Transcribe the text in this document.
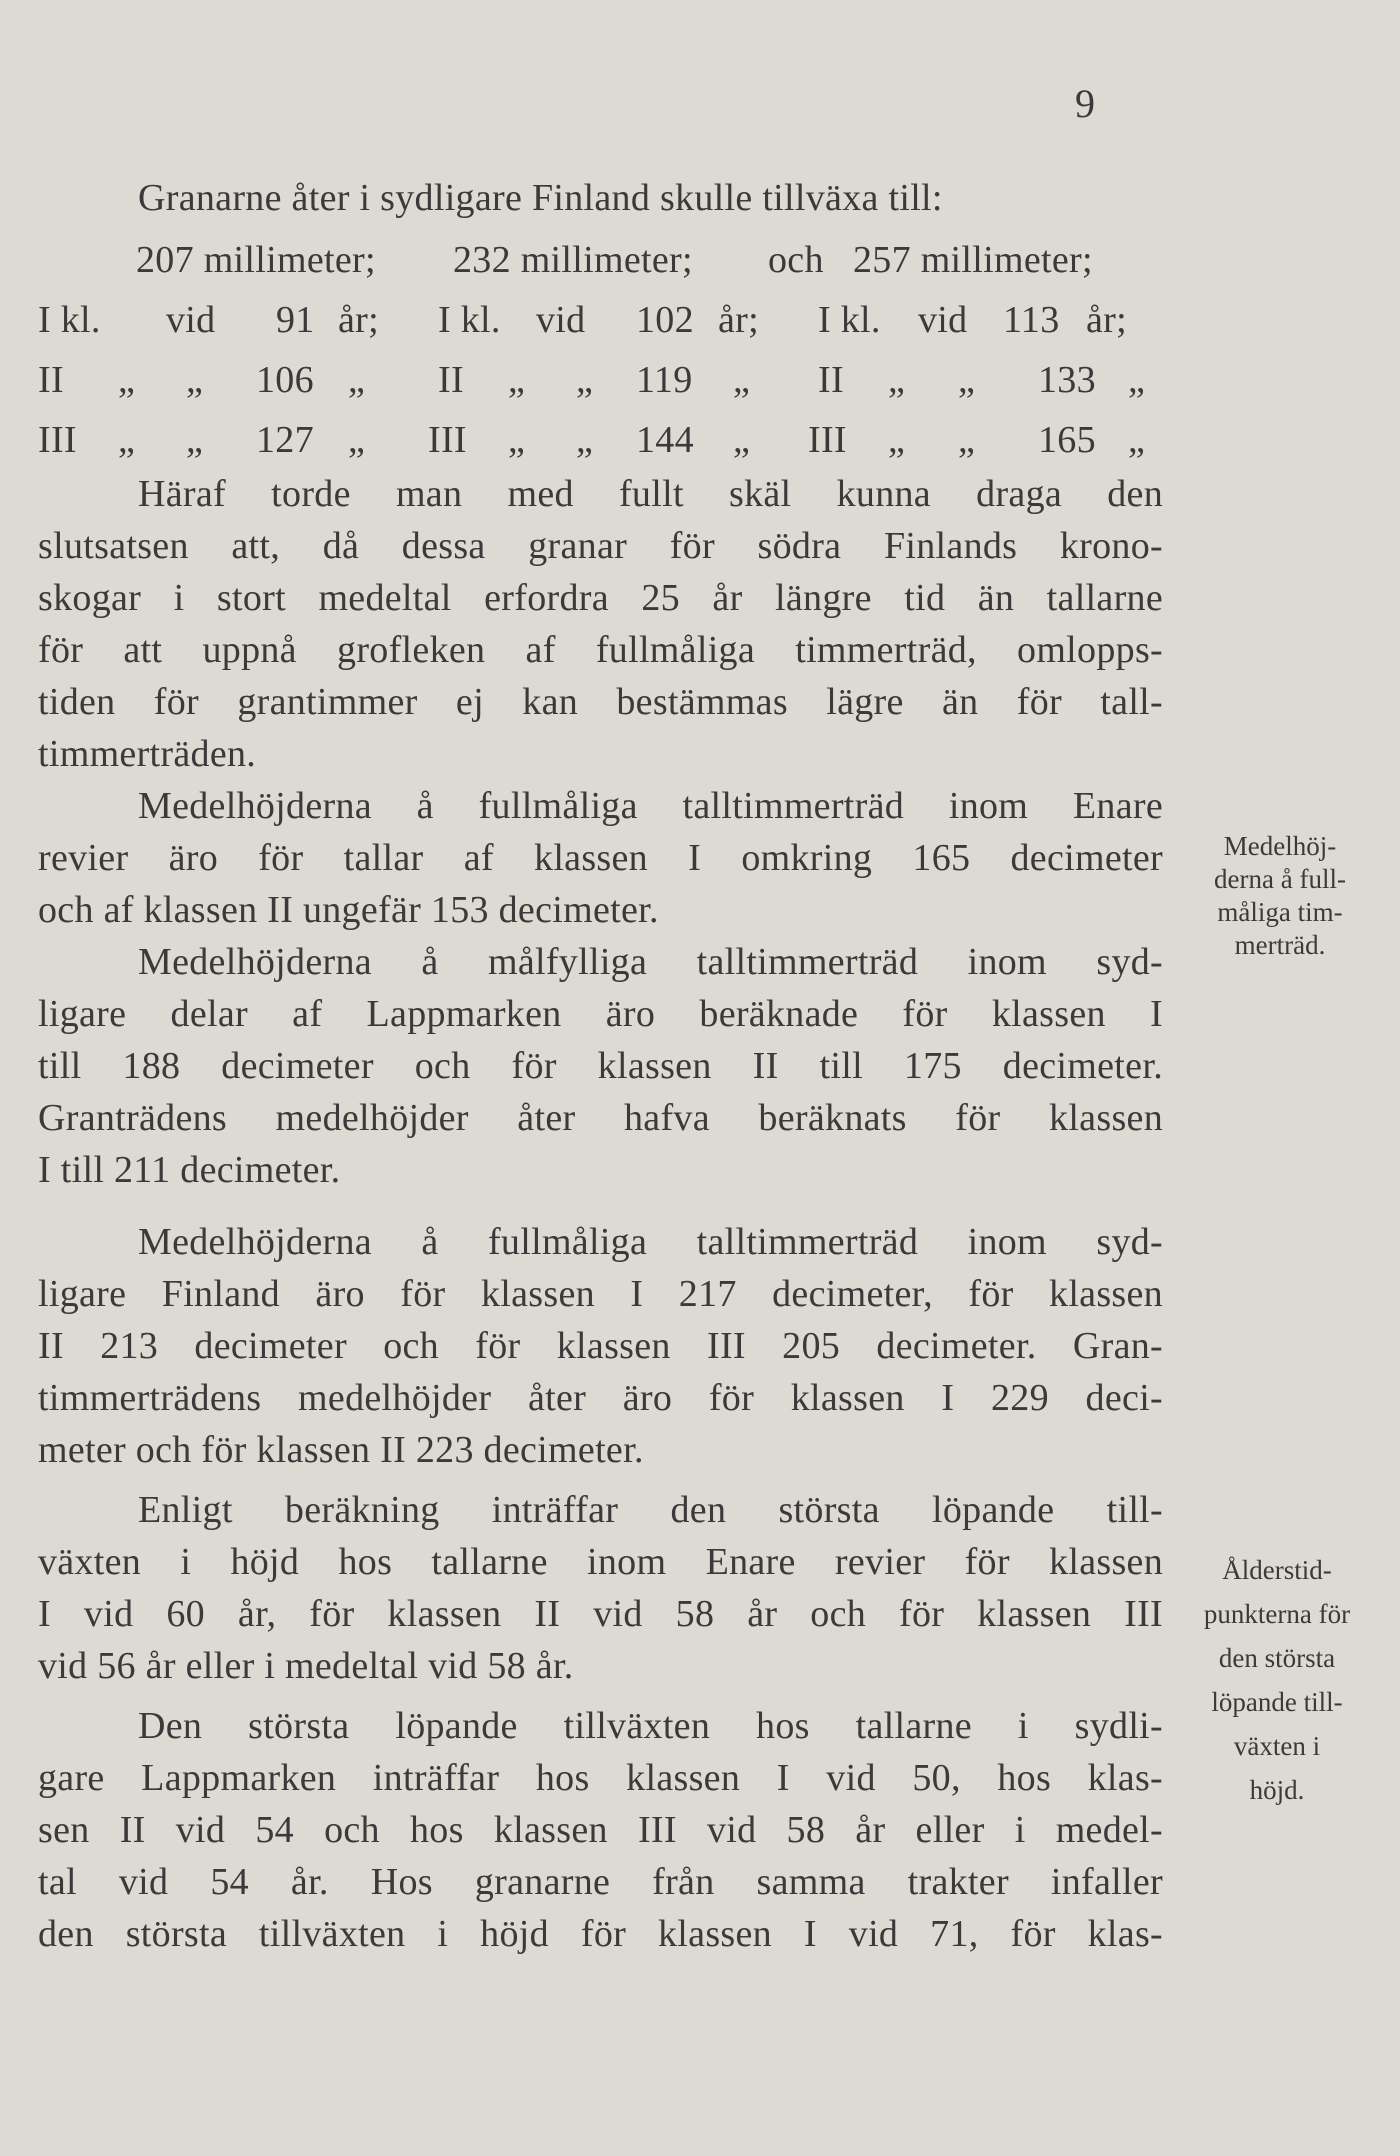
9
Granarne åter i sydligare Finland skulle tillväxa till:
207 millimeter; 232 millimeter; och 257 millimeter;
I kl. vid 91 år; I kl. vid 102 år; I kl. vid 113 år;
II „ „ 106 „ II „ „ 119 „ II „ „ 133 „
III „ „ 127 „ III „ „ 144 „ III „ „ 165 „
Häraf torde man med fullt skäl kunna draga den
slutsatsen att, då dessa granar för södra Finlands krono-
skogar i stort medeltal erfordra 25 år längre tid än tallarne
för att uppnå grofleken af fullmåliga timmerträd, omlopps-
tiden för grantimmer ej kan bestämmas lägre än för tall-
timmerträden.
Medelhöjderna å fullmåliga talltimmerträd inom Enare
revier äro för tallar af klassen I omkring 165 decimeter
och af klassen II ungefär 153 decimeter.
Medelhöjderna å målfylliga talltimmerträd inom syd-
ligare delar af Lappmarken äro beräknade för klassen I
till 188 decimeter och för klassen II till 175 decimeter.
Granträdens medelhöjder åter hafva beräknats för klassen
I till 211 decimeter.
Medelhöjderna å fullmåliga talltimmerträd inom syd-
ligare Finland äro för klassen I 217 decimeter, för klassen
II 213 decimeter och för klassen III 205 decimeter. Gran-
timmerträdens medelhöjder åter äro för klassen I 229 deci-
meter och för klassen II 223 decimeter.
Enligt beräkning inträffar den största löpande till-
växten i höjd hos tallarne inom Enare revier för klassen
I vid 60 år, för klassen II vid 58 år och för klassen III
vid 56 år eller i medeltal vid 58 år.
Den största löpande tillväxten hos tallarne i sydli-
gare Lappmarken inträffar hos klassen I vid 50, hos klas-
sen II vid 54 och hos klassen III vid 58 år eller i medel-
tal vid 54 år. Hos granarne från samma trakter infaller
den största tillväxten i höjd för klassen I vid 71, för klas-
Medelhöj-
derna å full-
måliga tim-
merträd.
Ålderstid-
punkterna för
den största
löpande till-
växten i
höjd.
